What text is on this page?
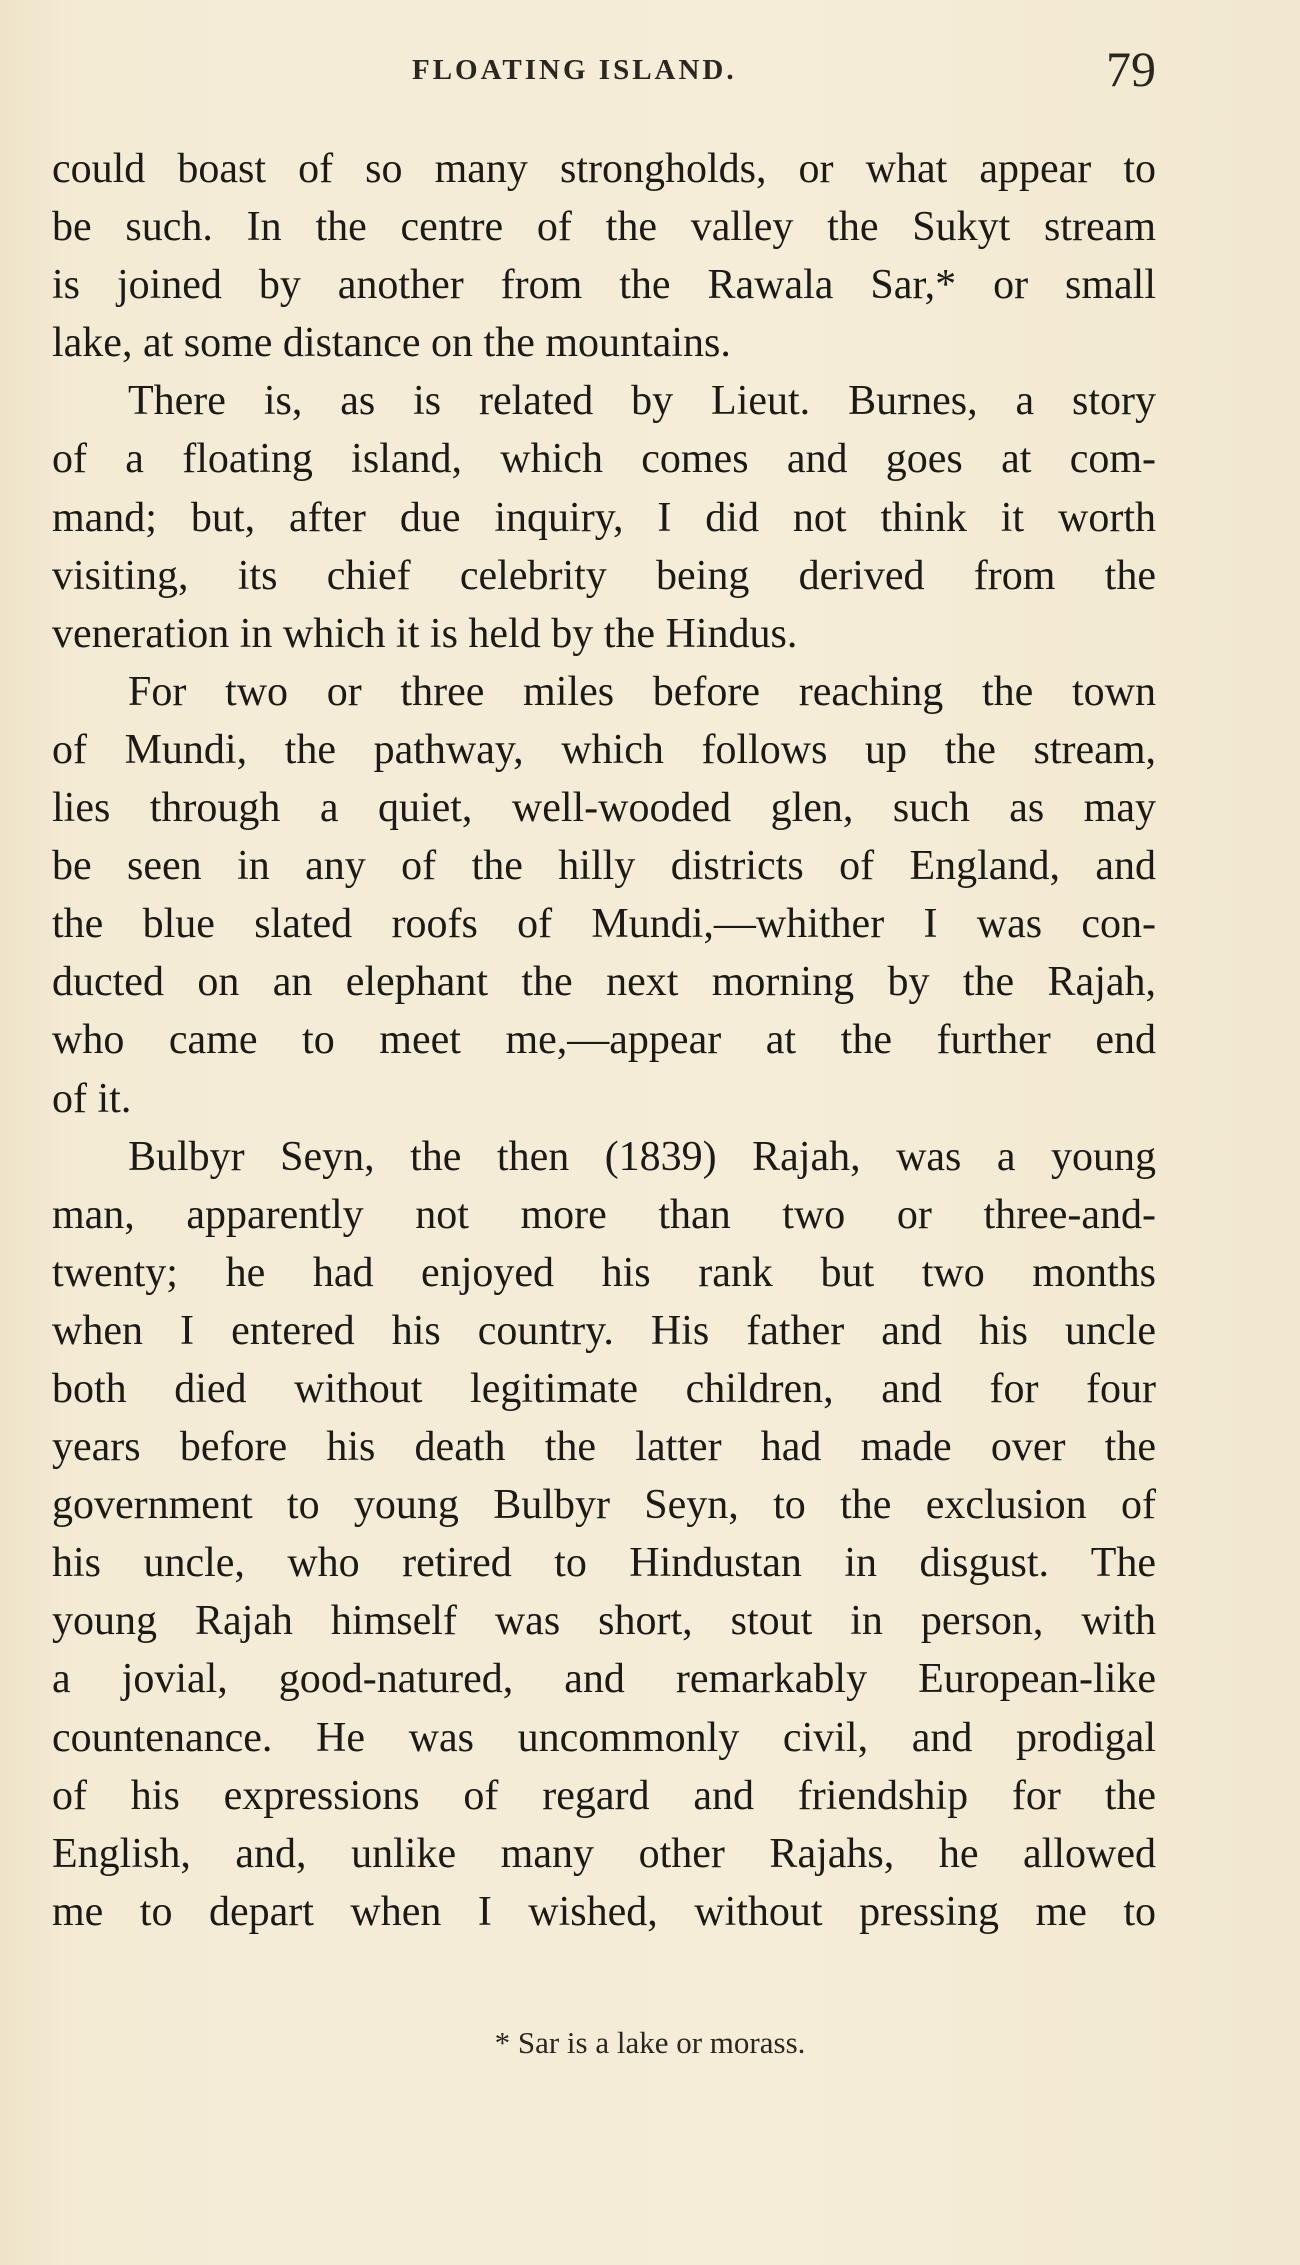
FLOATING ISLAND.	79
could boast of so many strongholds, or what appear to
be such. In the centre of the valley the Sukyt stream
is joined by another from the Rawala Sar,* or small
lake, at some distance on the mountains.
There is, as is related by Lieut. Burnes, a story
of a floating island, which comes and goes at com-
mand; but, after due inquiry, I did not think it worth
visiting, its chief celebrity being derived from the
veneration in which it is held by the Hindus.
For two or three miles before reaching the town
of Mundi, the pathway, which follows up the stream,
lies through a quiet, well-wooded glen, such as may
be seen in any of the hilly districts of England, and
the blue slated roofs of Mundi,—whither I was con-
ducted on an elephant the next morning by the Rajah,
who came to meet me,—appear at the further end
of it.
Bulbyr Seyn, the then (1839) Rajah, was a young
man, apparently not more than two or three-and-
twenty; he had enjoyed his rank but two months
when I entered his country. His father and his uncle
both died without legitimate children, and for four
years before his death the latter had made over the
government to young Bulbyr Seyn, to the exclusion of
his uncle, who retired to Hindustan in disgust. The
young Rajah himself was short, stout in person, with
a jovial, good-natured, and remarkably European-like
countenance. He was uncommonly civil, and prodigal
of his expressions of regard and friendship for the
English, and, unlike many other Rajahs, he allowed
me to depart when I wished, without pressing me to
* Sar is a lake or morass.
